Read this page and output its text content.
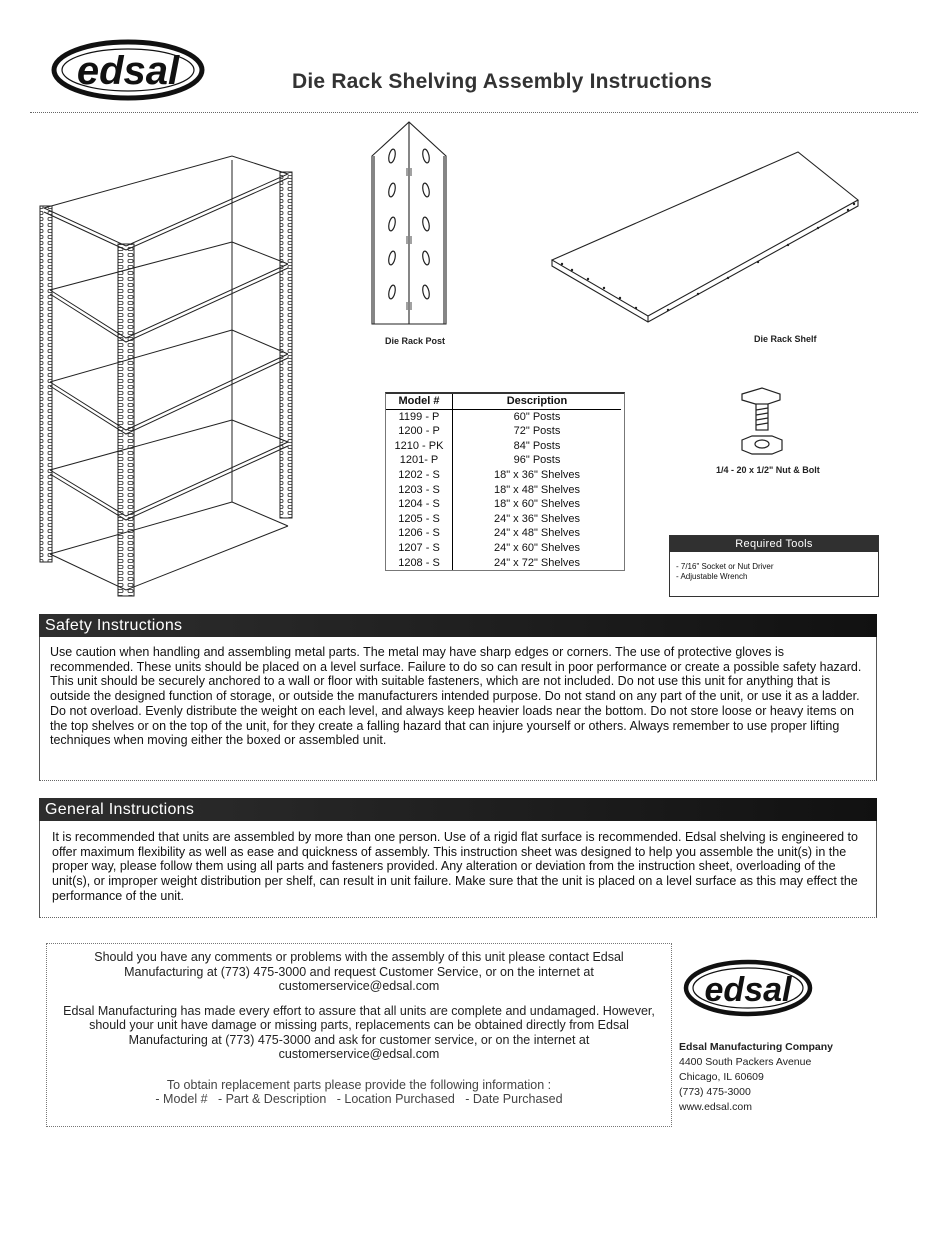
edsal	Die Rack Shelving Assembly Instructions
Die Rack Post	Die Rack Shelf
Model #	Description
1199 - P	60" Posts
1200 - P	72" Posts
1210 - PK	84" Posts
1201- P	96" Posts
1202 - S	18" x 36" Shelves
1203 - S	18" x 48" Shelves
1204 - S	18" x 60" Shelves
1205 - S	24" x 36" Shelves
1206 - S	24" x 48" Shelves
1207 - S	24" x 60" Shelves
1208 - S	24" x 72" Shelves
1/4 - 20 x 1/2" Nut & Bolt
Required Tools
- 7/16" Socket or Nut Driver
- Adjustable Wrench
Safety Instructions
Use caution when handling and assembling metal parts. The metal may have sharp edges or corners. The use of protective gloves is recommended. These units should be placed on a level surface. Failure to do so can result in poor performance or create a possible safety hazard. This unit should be securely anchored to a wall or floor with suitable fasteners, which are not included. Do not use this unit for anything that is outside the designed function of storage, or outside the manufacturers intended purpose. Do not stand on any part of the unit, or use it as a ladder. Do not overload. Evenly distribute the weight on each level, and always keep heavier loads near the bottom. Do not store loose or heavy items on the top shelves or on the top of the unit, for they create a falling hazard that can injure yourself or others. Always remember to use proper lifting techniques when moving either the boxed or assembled unit.
General Instructions
It is recommended that units are assembled by more than one person. Use of a rigid flat surface is recommended. Edsal shelving is engineered to offer maximum flexibility as well as ease and quickness of assembly. This instruction sheet was designed to help you assemble the unit(s) in the proper way, please follow them using all parts and fasteners provided. Any alteration or deviation from the instruction sheet, overloading of the unit(s), or improper weight distribution per shelf, can result in unit failure. Make sure that the unit is placed on a level surface as this may effect the performance of the unit.
Should you have any comments or problems with the assembly of this unit please contact Edsal Manufacturing at (773) 475-3000 and request Customer Service, or on the internet at customerservice@edsal.com
Edsal Manufacturing has made every effort to assure that all units are complete and undamaged. However, should your unit have damage or missing parts, replacements can be obtained directly from Edsal Manufacturing at (773) 475-3000 and ask for customer service, or on the internet at customerservice@edsal.com
To obtain replacement parts please provide the following information :
- Model #   - Part & Description   - Location Purchased   - Date Purchased
edsal
Edsal Manufacturing Company
4400 South Packers Avenue
Chicago, IL 60609
(773) 475-3000
www.edsal.com
